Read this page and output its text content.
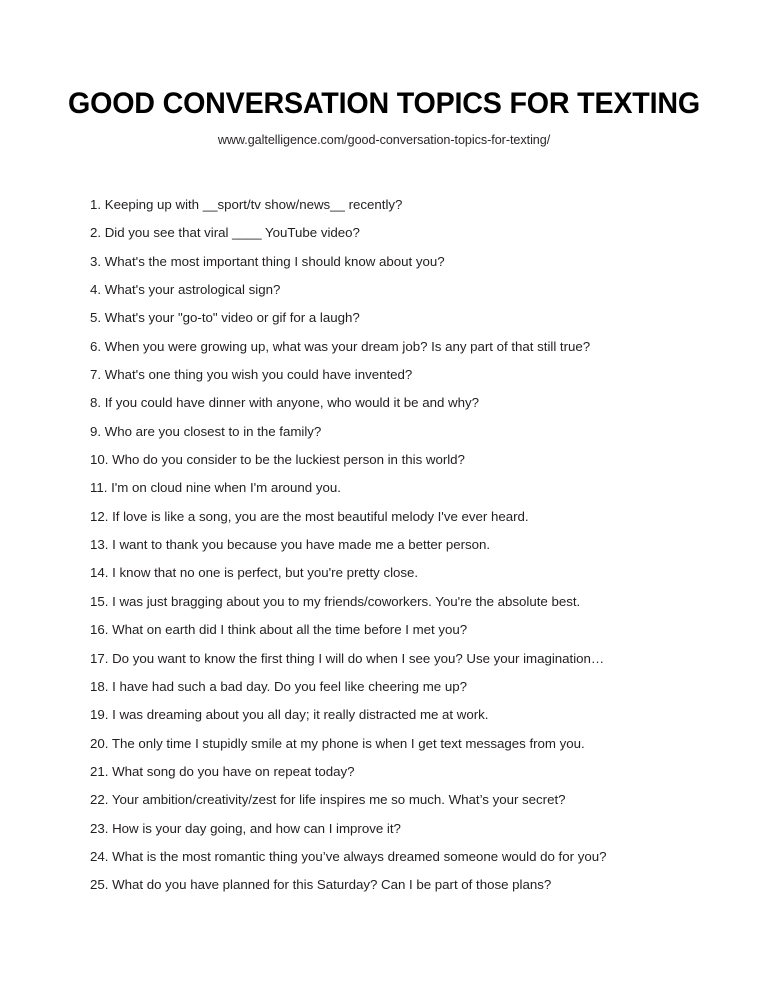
GOOD CONVERSATION TOPICS FOR TEXTING
www.galtelligence.com/good-conversation-topics-for-texting/
1. Keeping up with __sport/tv show/news__ recently?
2. Did you see that viral ____ YouTube video?
3. What's the most important thing I should know about you?
4. What's your astrological sign?
5. What's your "go-to" video or gif for a laugh?
6. When you were growing up, what was your dream job? Is any part of that still true?
7. What's one thing you wish you could have invented?
8. If you could have dinner with anyone, who would it be and why?
9. Who are you closest to in the family?
10. Who do you consider to be the luckiest person in this world?
11. I'm on cloud nine when I'm around you.
12. If love is like a song, you are the most beautiful melody I've ever heard.
13. I want to thank you because you have made me a better person.
14. I know that no one is perfect, but you're pretty close.
15. I was just bragging about you to my friends/coworkers. You're the absolute best.
16. What on earth did I think about all the time before I met you?
17. Do you want to know the first thing I will do when I see you? Use your imagination…
18. I have had such a bad day. Do you feel like cheering me up?
19. I was dreaming about you all day; it really distracted me at work.
20. The only time I stupidly smile at my phone is when I get text messages from you.
21. What song do you have on repeat today?
22. Your ambition/creativity/zest for life inspires me so much. What’s your secret?
23. How is your day going, and how can I improve it?
24. What is the most romantic thing you’ve always dreamed someone would do for you?
25. What do you have planned for this Saturday? Can I be part of those plans?
